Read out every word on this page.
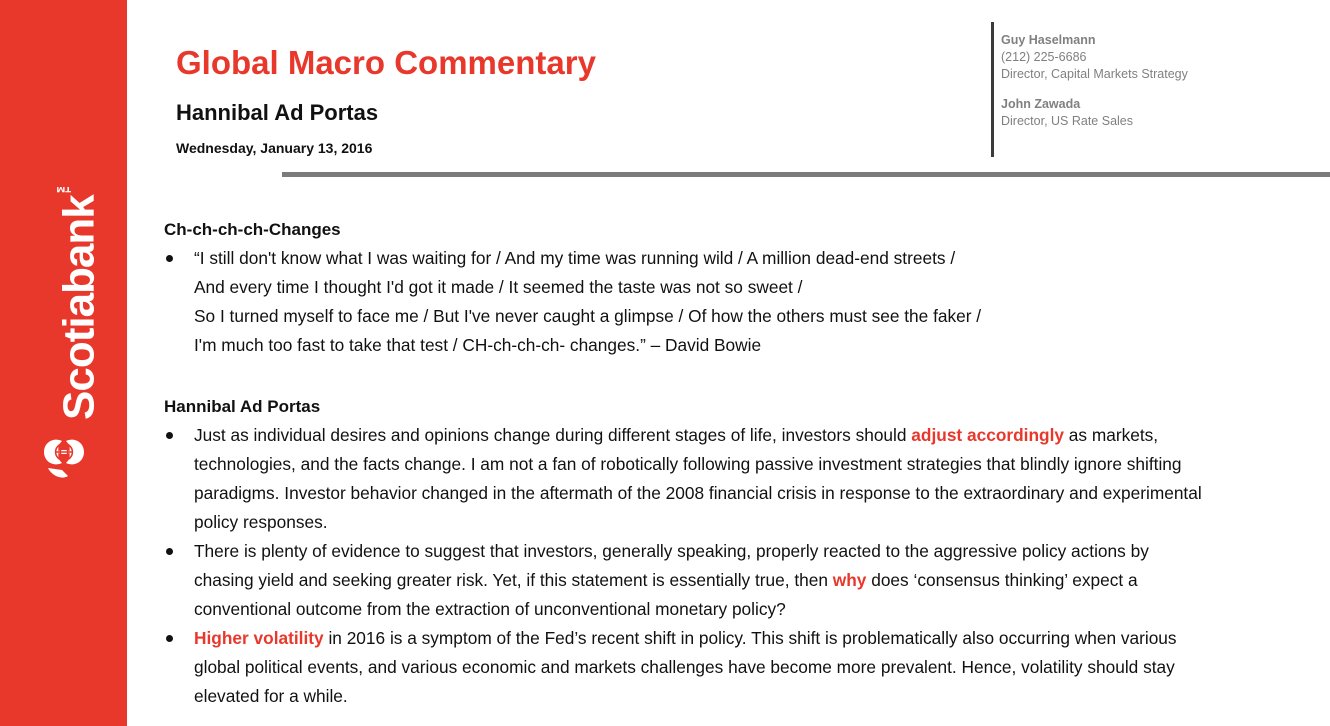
Scotiabank™
Global Macro Commentary
Hannibal Ad Portas
Wednesday, January 13, 2016
Guy Haselmann
(212) 225-6686
Director, Capital Markets Strategy
John Zawada
Director, US Rate Sales
Ch-ch-ch-ch-Changes
“I still don't know what I was waiting for / And my time was running wild / A million dead-end streets /
And every time I thought I'd got it made / It seemed the taste was not so sweet /
So I turned myself to face me / But I've never caught a glimpse / Of how the others must see the faker /
I'm much too fast to take that test / CH-ch-ch-ch- changes.” – David Bowie
Hannibal Ad Portas
Just as individual desires and opinions change during different stages of life, investors should adjust accordingly as markets, technologies, and the facts change. I am not a fan of robotically following passive investment strategies that blindly ignore shifting paradigms. Investor behavior changed in the aftermath of the 2008 financial crisis in response to the extraordinary and experimental policy responses.
There is plenty of evidence to suggest that investors, generally speaking, properly reacted to the aggressive policy actions by chasing yield and seeking greater risk. Yet, if this statement is essentially true, then why does ‘consensus thinking’ expect a conventional outcome from the extraction of unconventional monetary policy?
Higher volatility in 2016 is a symptom of the Fed’s recent shift in policy. This shift is problematically also occurring when various global political events, and various economic and markets challenges have become more prevalent. Hence, volatility should stay elevated for a while.
